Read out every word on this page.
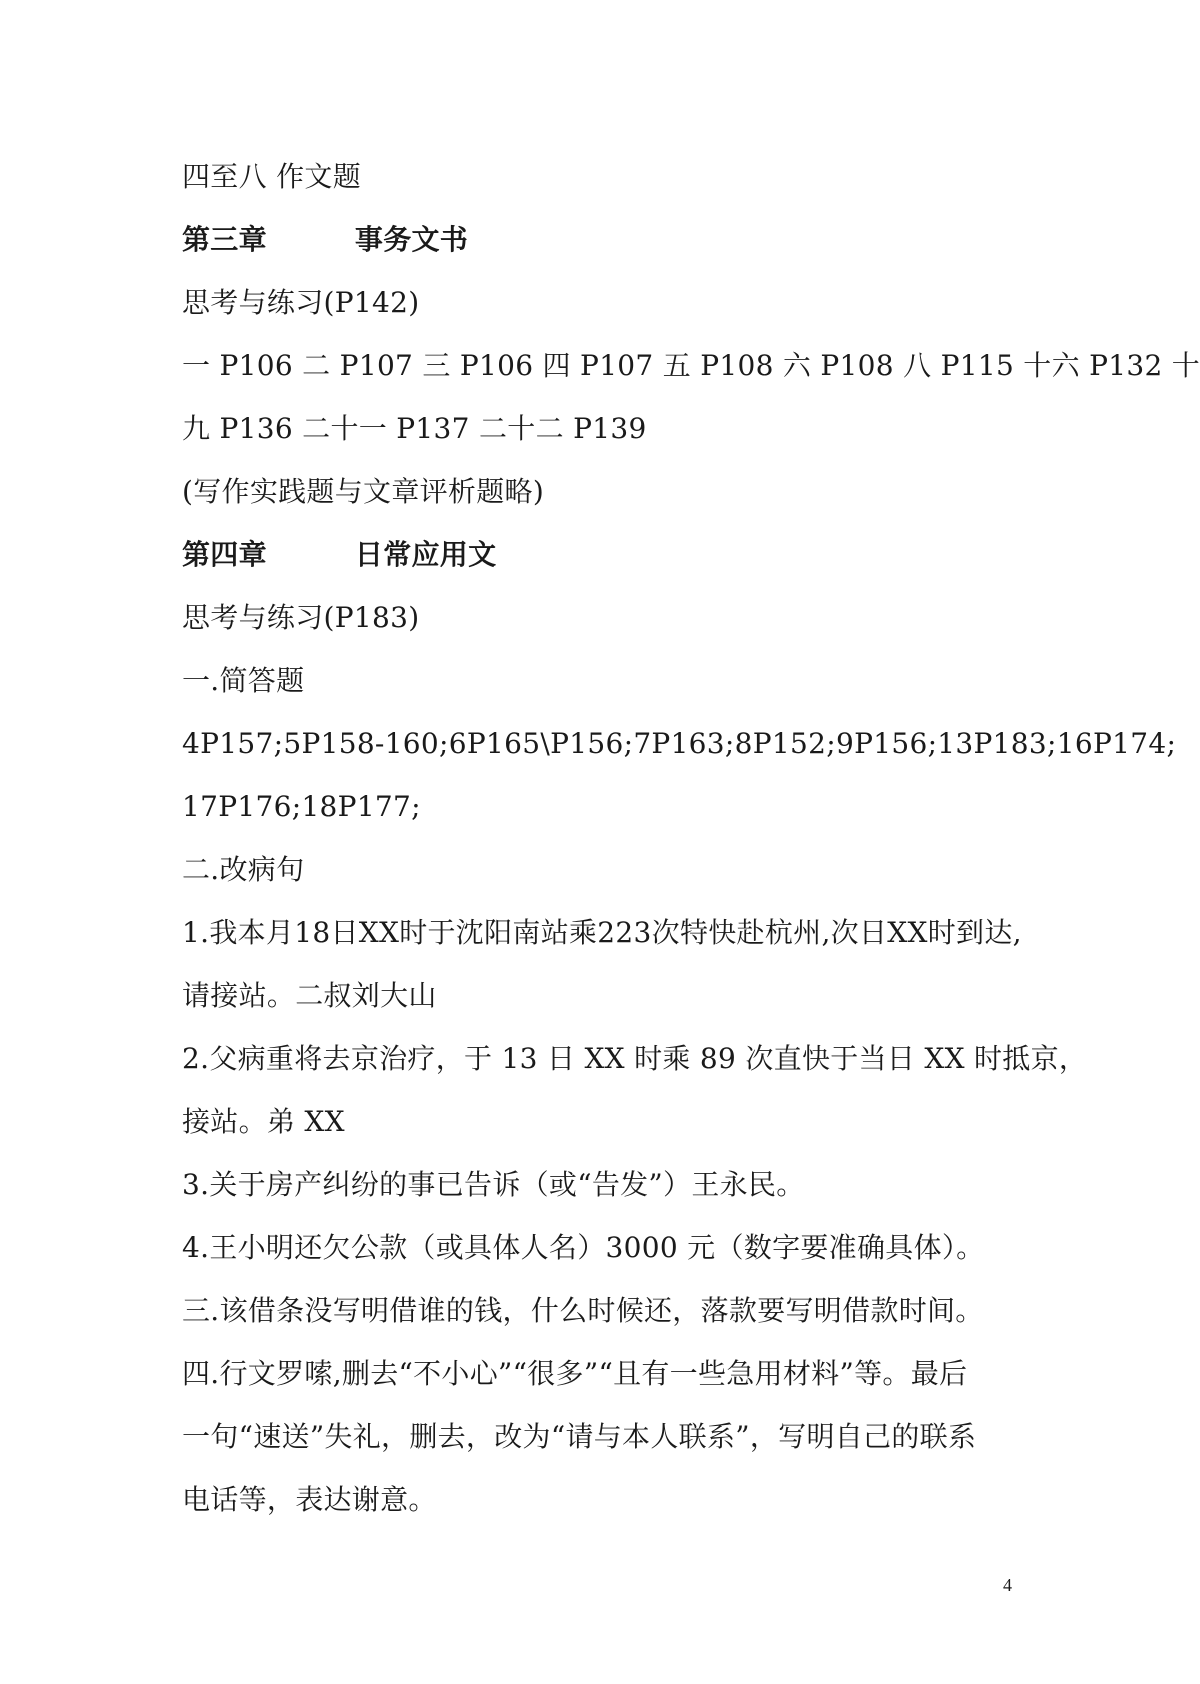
四至八 作文题
第三章	事务文书
思考与练习(P142)
一 P106 二 P107 三 P106 四 P107 五 P108 六 P108 八 P115 十六 P132 十
九 P136 二十一 P137 二十二 P139
(写作实践题与文章评析题略)
第四章	日常应用文
思考与练习(P183)
一.简答题
4P157;5P158-160;6P165\P156;7P163;8P152;9P156;13P183;16P174;
17P176;18P177;
二.改病句
1.我本月18日XX时于沈阳南站乘223次特快赴杭州,次日XX时到达,
请接站。二叔刘大山
2.父病重将去京治疗，于 13 日 XX 时乘 89 次直快于当日 XX 时抵京，
接站。弟 XX
3.关于房产纠纷的事已告诉（或“告发”）王永民。
4.王小明还欠公款（或具体人名）3000 元（数字要准确具体）。
三.该借条没写明借谁的钱，什么时候还，落款要写明借款时间。
四.行文罗嗦,删去“不小心”“很多”“且有一些急用材料”等。最后
一句“速送”失礼，删去，改为“请与本人联系”，写明自己的联系
电话等，表达谢意。
4
